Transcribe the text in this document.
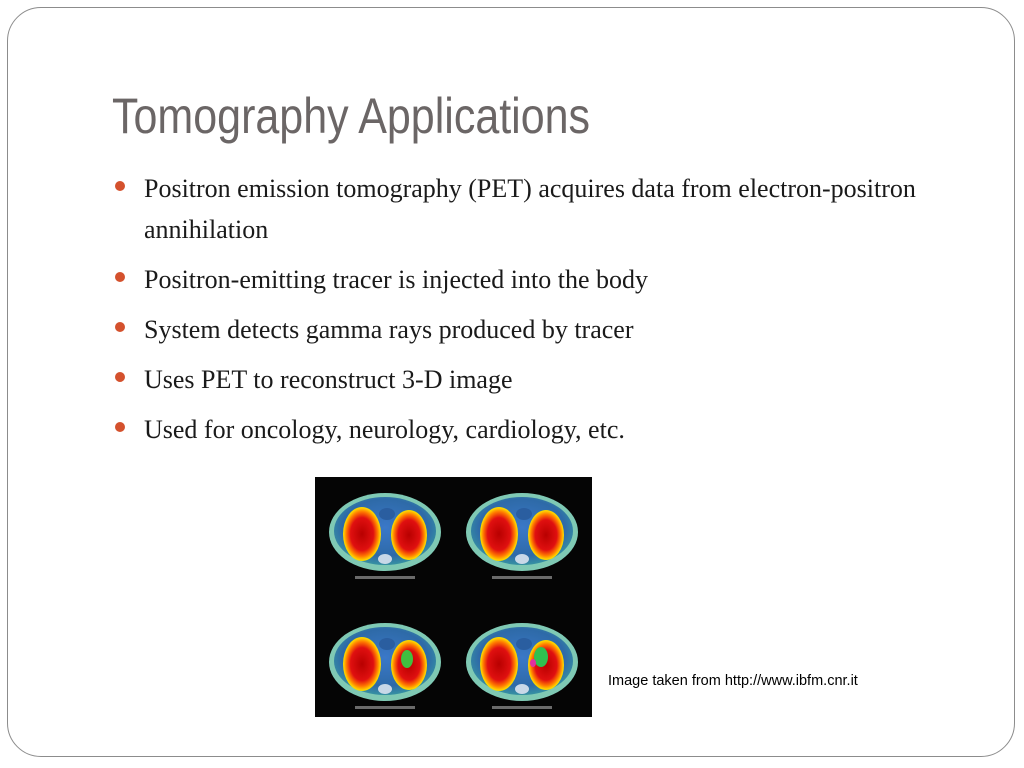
Tomography Applications
Positron emission tomography (PET) acquires data from electron-positron annihilation
Positron-emitting tracer is injected into the body
System detects gamma rays produced by tracer
Uses PET to reconstruct 3-D image
Used for oncology, neurology, cardiology, etc.
Image taken from http://www.ibfm.cnr.it
